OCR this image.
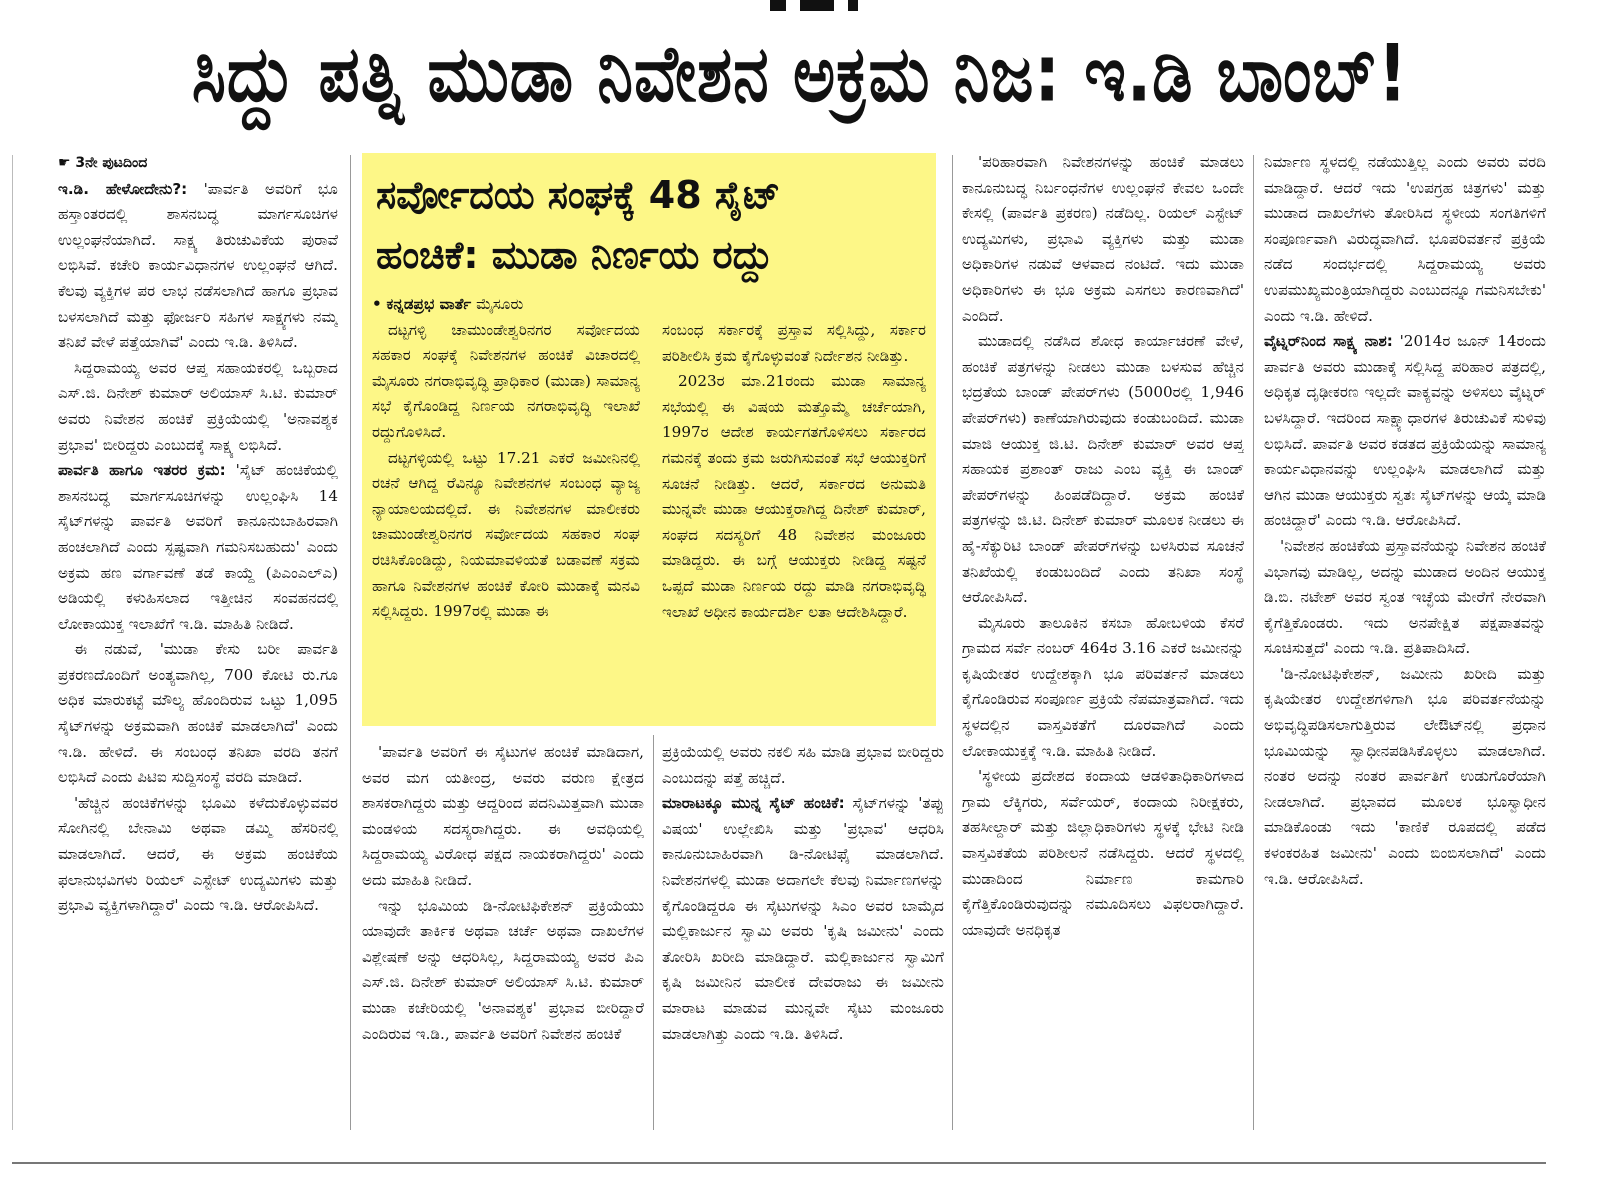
ಸಿದ್ದು ಪತ್ನಿ ಮುಡಾ ನಿವೇಶನ ಅಕ್ರಮ ನಿಜ: ಇ.ಡಿ ಬಾಂಬ್!

☛ 3ನೇ ಪುಟದಿಂದ

ಇ.ಡಿ. ಹೇಳೋದೇನು?: 'ಪಾರ್ವತಿ ಅವರಿಗೆ ಭೂ ಹಸ್ತಾಂತರದಲ್ಲಿ ಶಾಸನಬದ್ಧ ಮಾರ್ಗಸೂಚಿಗಳ ಉಲ್ಲಂಘನೆಯಾಗಿದೆ. ಸಾಕ್ಷ್ಯ ತಿರುಚುವಿಕೆಯ ಪುರಾವೆ ಲಭಿಸಿವೆ. ಕಚೇರಿ ಕಾರ್ಯವಿಧಾನಗಳ ಉಲ್ಲಂಘನೆ ಆಗಿದೆ. ಕೆಲವು ವ್ಯಕ್ತಿಗಳ ಪರ ಲಾಭ ನಡೆಸಲಾಗಿದೆ ಹಾಗೂ ಪ್ರಭಾವ ಬಳಸಲಾಗಿದೆ ಮತ್ತು ಫೋರ್ಜರಿ ಸಹಿಗಳ ಸಾಕ್ಷ್ಯಗಳು ನಮ್ಮ ತನಿಖೆ ವೇಳೆ ಪತ್ತೆಯಾಗಿವೆ' ಎಂದು ಇ.ಡಿ. ತಿಳಿಸಿದೆ.

ಸಿದ್ದರಾಮಯ್ಯ ಅವರ ಆಪ್ತ ಸಹಾಯಕರಲ್ಲಿ ಒಬ್ಬರಾದ ಎಸ್.ಜಿ. ದಿನೇಶ್ ಕುಮಾರ್ ಅಲಿಯಾಸ್ ಸಿ.ಟಿ. ಕುಮಾರ್ ಅವರು ನಿವೇಶನ ಹಂಚಿಕೆ ಪ್ರಕ್ರಿಯೆಯಲ್ಲಿ 'ಅನಾವಶ್ಯಕ ಪ್ರಭಾವ' ಬೀರಿದ್ದರು ಎಂಬುದಕ್ಕೆ ಸಾಕ್ಷ್ಯ ಲಭಿಸಿದೆ.

ಪಾರ್ವತಿ ಹಾಗೂ ಇತರರ ಕ್ರಮ: 'ಸೈಟ್ ಹಂಚಿಕೆಯಲ್ಲಿ ಶಾಸನಬದ್ಧ ಮಾರ್ಗಸೂಚಿಗಳನ್ನು ಉಲ್ಲಂಘಿಸಿ 14 ಸೈಟ್‌ಗಳನ್ನು ಪಾರ್ವತಿ ಅವರಿಗೆ ಕಾನೂನುಬಾಹಿರವಾಗಿ ಹಂಚಲಾಗಿದೆ ಎಂದು ಸ್ಪಷ್ಟವಾಗಿ ಗಮನಿಸಬಹುದು' ಎಂದು ಅಕ್ರಮ ಹಣ ವರ್ಗಾವಣೆ ತಡೆ ಕಾಯ್ದೆ (ಪಿಎಂಎಲ್ಎ) ಅಡಿಯಲ್ಲಿ ಕಳುಹಿಸಲಾದ ಇತ್ತೀಚಿನ ಸಂವಹನದಲ್ಲಿ ಲೋಕಾಯುಕ್ತ ಇಲಾಖೆಗೆ ಇ.ಡಿ. ಮಾಹಿತಿ ನೀಡಿದೆ.

ಈ ನಡುವೆ, 'ಮುಡಾ ಕೇಸು ಬರೀ ಪಾರ್ವತಿ ಪ್ರಕರಣದೊಂದಿಗೆ ಅಂತ್ಯವಾಗಿಲ್ಲ, 700 ಕೋಟಿ ರು.ಗೂ ಅಧಿಕ ಮಾರುಕಟ್ಟೆ ಮೌಲ್ಯ ಹೊಂದಿರುವ ಒಟ್ಟು 1,095 ಸೈಟ್‌ಗಳನ್ನು ಅಕ್ರಮವಾಗಿ ಹಂಚಿಕೆ ಮಾಡಲಾಗಿದೆ' ಎಂದು ಇ.ಡಿ. ಹೇಳಿದೆ. ಈ ಸಂಬಂಧ ತನಿಖಾ ವರದಿ ತನಗೆ ಲಭಿಸಿದೆ ಎಂದು ಪಿಟಿಐ ಸುದ್ದಿಸಂಸ್ಥೆ ವರದಿ ಮಾಡಿದೆ.

'ಹೆಚ್ಚಿನ ಹಂಚಿಕೆಗಳನ್ನು ಭೂಮಿ ಕಳೆದುಕೊಳ್ಳುವವರ ಸೋಗಿನಲ್ಲಿ ಬೇನಾಮಿ ಅಥವಾ ಡಮ್ಮಿ ಹೆಸರಿನಲ್ಲಿ ಮಾಡಲಾಗಿದೆ. ಆದರೆ, ಈ ಅಕ್ರಮ ಹಂಚಿಕೆಯ ಫಲಾನುಭವಿಗಳು ರಿಯಲ್ ಎಸ್ಟೇಟ್ ಉದ್ಯಮಿಗಳು ಮತ್ತು ಪ್ರಭಾವಿ ವ್ಯಕ್ತಿಗಳಾಗಿದ್ದಾರೆ' ಎಂದು ಇ.ಡಿ. ಆರೋಪಿಸಿದೆ.

ಸರ್ವೋದಯ ಸಂಘಕ್ಕೆ 48 ಸೈಟ್
ಹಂಚಿಕೆ: ಮುಡಾ ನಿರ್ಣಯ ರದ್ದು

• ಕನ್ನಡಪ್ರಭ ವಾರ್ತೆ ಮೈಸೂರು

ದಟ್ಟಗಳ್ಳಿ ಚಾಮುಂಡೇಶ್ವರಿನಗರ ಸರ್ವೋದಯ ಸಹಕಾರ ಸಂಘಕ್ಕೆ ನಿವೇಶನಗಳ ಹಂಚಿಕೆ ವಿಚಾರದಲ್ಲಿ ಮೈಸೂರು ನಗರಾಭಿವೃದ್ಧಿ ಪ್ರಾಧಿಕಾರ (ಮುಡಾ) ಸಾಮಾನ್ಯ ಸಭೆ ಕೈಗೊಂಡಿದ್ದ ನಿರ್ಣಯ ನಗರಾಭಿವೃದ್ಧಿ ಇಲಾಖೆ ರದ್ದುಗೊಳಿಸಿದೆ.

ದಟ್ಟಗಳ್ಳಿಯಲ್ಲಿ ಒಟ್ಟು 17.21 ಎಕರೆ ಜಮೀನಿನಲ್ಲಿ ರಚನೆ ಆಗಿದ್ದ ರೆವಿನ್ಯೂ ನಿವೇಶನಗಳ ಸಂಬಂಧ ವ್ಯಾಜ್ಯ ನ್ಯಾಯಾಲಯದಲ್ಲಿದೆ. ಈ ನಿವೇಶನಗಳ ಮಾಲೀಕರು ಚಾಮುಂಡೇಶ್ವರಿನಗರ ಸರ್ವೋದಯ ಸಹಕಾರ ಸಂಘ ರಚಿಸಿಕೊಂಡಿದ್ದು, ನಿಯಮಾವಳಿಯತೆ ಬಡಾವಣೆ ಸಕ್ರಮ ಹಾಗೂ ನಿವೇಶನಗಳ ಹಂಚಿಕೆ ಕೋರಿ ಮುಡಾಕ್ಕೆ ಮನವಿ ಸಲ್ಲಿಸಿದ್ದರು. 1997ರಲ್ಲಿ ಮುಡಾ ಈ

ಸಂಬಂಧ ಸರ್ಕಾರಕ್ಕೆ ಪ್ರಸ್ತಾವ ಸಲ್ಲಿಸಿದ್ದು, ಸರ್ಕಾರ ಪರಿಶೀಲಿಸಿ ಕ್ರಮ ಕೈಗೊಳ್ಳುವಂತೆ ನಿರ್ದೇಶನ ನೀಡಿತ್ತು.

2023ರ ಮಾ.21ರಂದು ಮುಡಾ ಸಾಮಾನ್ಯ ಸಭೆಯಲ್ಲಿ ಈ ವಿಷಯ ಮತ್ತೊಮ್ಮೆ ಚರ್ಚೆಯಾಗಿ, 1997ರ ಆದೇಶ ಕಾರ್ಯಗತಗೊಳಿಸಲು ಸರ್ಕಾರದ ಗಮನಕ್ಕೆ ತಂದು ಕ್ರಮ ಜರುಗಿಸುವಂತೆ ಸಭೆ ಆಯುಕ್ತರಿಗೆ ಸೂಚನೆ ನೀಡಿತ್ತು. ಆದರೆ, ಸರ್ಕಾರದ ಅನುಮತಿ ಮುನ್ನವೇ ಮುಡಾ ಆಯುಕ್ತರಾಗಿದ್ದ ದಿನೇಶ್ ಕುಮಾರ್, ಸಂಘದ ಸದಸ್ಯರಿಗೆ 48 ನಿವೇಶನ ಮಂಜೂರು ಮಾಡಿದ್ದರು. ಈ ಬಗ್ಗೆ ಆಯುಕ್ತರು ನೀಡಿದ್ದ ಸಷ್ಟನೆ ಒಪ್ಪದೆ ಮುಡಾ ನಿರ್ಣಯ ರದ್ದು ಮಾಡಿ ನಗರಾಭಿವೃದ್ಧಿ ಇಲಾಖೆ ಅಧೀನ ಕಾರ್ಯದರ್ಶಿ ಲತಾ ಆದೇಶಿಸಿದ್ದಾರೆ.

'ಪಾರ್ವತಿ ಅವರಿಗೆ ಈ ಸೈಟುಗಳ ಹಂಚಿಕೆ ಮಾಡಿದಾಗ, ಅವರ ಮಗ ಯತೀಂದ್ರ, ಅವರು ವರುಣ ಕ್ಷೇತ್ರದ ಶಾಸಕರಾಗಿದ್ದರು ಮತ್ತು ಆದ್ದರಿಂದ ಪದನಿಮಿತ್ತವಾಗಿ ಮುಡಾ ಮಂಡಳಿಯ ಸದಸ್ಯರಾಗಿದ್ದರು. ಈ ಅವಧಿಯಲ್ಲಿ ಸಿದ್ದರಾಮಯ್ಯ ವಿರೋಧ ಪಕ್ಷದ ನಾಯಕರಾಗಿದ್ದರು' ಎಂದು ಅದು ಮಾಹಿತಿ ನೀಡಿದೆ.

ಇನ್ನು ಭೂಮಿಯ ಡಿ-ನೋಟಿಫಿಕೇಶನ್ ಪ್ರಕ್ರಿಯೆಯು ಯಾವುದೇ ತಾರ್ಕಿಕ ಅಥವಾ ಚರ್ಚೆ ಅಥವಾ ದಾಖಲೆಗಳ ವಿಶ್ಲೇಷಣೆ ಅನ್ನು ಆಧರಿಸಿಲ್ಲ, ಸಿದ್ದರಾಮಯ್ಯ ಅವರ ಪಿಎ ಎಸ್.ಜಿ. ದಿನೇಶ್ ಕುಮಾರ್ ಅಲಿಯಾಸ್ ಸಿ.ಟಿ. ಕುಮಾರ್ ಮುಡಾ ಕಚೇರಿಯಲ್ಲಿ 'ಅನಾವಶ್ಯಕ' ಪ್ರಭಾವ ಬೀರಿದ್ದಾರೆ ಎಂದಿರುವ ಇ.ಡಿ., ಪಾರ್ವತಿ ಅವರಿಗೆ ನಿವೇಶನ ಹಂಚಿಕೆ

ಪ್ರಕ್ರಿಯೆಯಲ್ಲಿ ಅವರು ನಕಲಿ ಸಹಿ ಮಾಡಿ ಪ್ರಭಾವ ಬೀರಿದ್ದರು ಎಂಬುದನ್ನು ಪತ್ತೆ ಹಚ್ಚಿದೆ.

ಮಾರಾಟಕ್ಕೂ ಮುನ್ನ ಸೈಟ್ ಹಂಚಿಕೆ: ಸೈಟ್‌ಗಳನ್ನು 'ತಪ್ಪು ವಿಷಯ' ಉಲ್ಲೇಖಿಸಿ ಮತ್ತು 'ಪ್ರಭಾವ' ಆಧರಿಸಿ ಕಾನೂನುಬಾಹಿರವಾಗಿ ಡಿ-ನೋಟಿಫೈ ಮಾಡಲಾಗಿದೆ. ನಿವೇಶನಗಳಲ್ಲಿ ಮುಡಾ ಅದಾಗಲೇ ಕೆಲವು ನಿರ್ಮಾಣಗಳನ್ನು ಕೈಗೊಂಡಿದ್ದರೂ ಈ ಸೈಟುಗಳನ್ನು ಸಿಎಂ ಅವರ ಬಾಮೈದ ಮಲ್ಲಿಕಾರ್ಜುನ ಸ್ವಾಮಿ ಅವರು 'ಕೃಷಿ ಜಮೀನು' ಎಂದು ತೋರಿಸಿ ಖರೀದಿ ಮಾಡಿದ್ದಾರೆ. ಮಲ್ಲಿಕಾರ್ಜುನ ಸ್ವಾಮಿಗೆ ಕೃಷಿ ಜಮೀನಿನ ಮಾಲೀಕ ದೇವರಾಜು ಈ ಜಮೀನು ಮಾರಾಟ ಮಾಡುವ ಮುನ್ನವೇ ಸೈಟು ಮಂಜೂರು ಮಾಡಲಾಗಿತ್ತು ಎಂದು ಇ.ಡಿ. ತಿಳಿಸಿದೆ.

'ಪರಿಹಾರವಾಗಿ ನಿವೇಶನಗಳನ್ನು ಹಂಚಿಕೆ ಮಾಡಲು ಕಾನೂನುಬದ್ಧ ನಿರ್ಬಂಧನೆಗಳ ಉಲ್ಲಂಘನೆ ಕೇವಲ ಒಂದೇ ಕೇಸಲ್ಲಿ (ಪಾರ್ವತಿ ಪ್ರಕರಣ) ನಡೆದಿಲ್ಲ. ರಿಯಲ್ ಎಸ್ಟೇಟ್ ಉದ್ಯಮಿಗಳು, ಪ್ರಭಾವಿ ವ್ಯಕ್ತಿಗಳು ಮತ್ತು ಮುಡಾ ಅಧಿಕಾರಿಗಳ ನಡುವೆ ಆಳವಾದ ನಂಟಿದೆ. ಇದು ಮುಡಾ ಅಧಿಕಾರಿಗಳು ಈ ಭೂ ಅಕ್ರಮ ಎಸಗಲು ಕಾರಣವಾಗಿದೆ' ಎಂದಿದೆ.

ಮುಡಾದಲ್ಲಿ ನಡೆಸಿದ ಶೋಧ ಕಾರ್ಯಾಚರಣೆ ವೇಳೆ, ಹಂಚಿಕೆ ಪತ್ರಗಳನ್ನು ನೀಡಲು ಮುಡಾ ಬಳಸುವ ಹೆಚ್ಚಿನ ಭದ್ರತೆಯ ಬಾಂಡ್ ಪೇಪರ್‌ಗಳು (5000ರಲ್ಲಿ 1,946 ಪೇಪರ್‌ಗಳು) ಕಾಣೆಯಾಗಿರುವುದು ಕಂಡುಬಂದಿದೆ. ಮುಡಾ ಮಾಜಿ ಆಯುಕ್ತ ಜಿ.ಟಿ. ದಿನೇಶ್ ಕುಮಾರ್ ಅವರ ಆಪ್ತ ಸಹಾಯಕ ಪ್ರಶಾಂತ್ ರಾಜು ಎಂಬ ವ್ಯಕ್ತಿ ಈ ಬಾಂಡ್ ಪೇಪರ್‌ಗಳನ್ನು ಹಿಂಪಡೆದಿದ್ದಾರೆ. ಅಕ್ರಮ ಹಂಚಿಕೆ ಪತ್ರಗಳನ್ನು ಜಿ.ಟಿ. ದಿನೇಶ್ ಕುಮಾರ್ ಮೂಲಕ ನೀಡಲು ಈ ಹೈ-ಸೆಕ್ಯುರಿಟಿ ಬಾಂಡ್ ಪೇಪರ್‌ಗಳನ್ನು ಬಳಸಿರುವ ಸೂಚನೆ ತನಿಖೆಯಲ್ಲಿ ಕಂಡುಬಂದಿದೆ ಎಂದು ತನಿಖಾ ಸಂಸ್ಥೆ ಆರೋಪಿಸಿದೆ.

ಮೈಸೂರು ತಾಲೂಕಿನ ಕಸಬಾ ಹೋಬಳಿಯ ಕೆಸರೆ ಗ್ರಾಮದ ಸರ್ವೆ ನಂಬರ್ 464ರ 3.16 ಎಕರೆ ಜಮೀನನ್ನು ಕೃಷಿಯೇತರ ಉದ್ದೇಶಕ್ಕಾಗಿ ಭೂ ಪರಿವರ್ತನೆ ಮಾಡಲು ಕೈಗೊಂಡಿರುವ ಸಂಪೂರ್ಣ ಪ್ರಕ್ರಿಯೆ ನೆಪಮಾತ್ರವಾಗಿದೆ. ಇದು ಸ್ಥಳದಲ್ಲಿನ ವಾಸ್ತವಿಕತೆಗೆ ದೂರವಾಗಿದೆ ಎಂದು ಲೋಕಾಯುಕ್ತಕ್ಕೆ ಇ.ಡಿ. ಮಾಹಿತಿ ನೀಡಿದೆ.

'ಸ್ಥಳೀಯ ಪ್ರದೇಶದ ಕಂದಾಯ ಆಡಳಿತಾಧಿಕಾರಿಗಳಾದ ಗ್ರಾಮ ಲೆಕ್ಕಿಗರು, ಸರ್ವೆಯರ್, ಕಂದಾಯ ನಿರೀಕ್ಷಕರು, ತಹಸೀಲ್ದಾರ್ ಮತ್ತು ಜಿಲ್ಲಾಧಿಕಾರಿಗಳು ಸ್ಥಳಕ್ಕೆ ಭೇಟಿ ನೀಡಿ ವಾಸ್ತವಿಕತೆಯ ಪರಿಶೀಲನೆ ನಡೆಸಿದ್ದರು. ಆದರೆ ಸ್ಥಳದಲ್ಲಿ ಮುಡಾದಿಂದ ನಿರ್ಮಾಣ ಕಾಮಗಾರಿ ಕೈಗೆತ್ತಿಕೊಂಡಿರುವುದನ್ನು ನಮೂದಿಸಲು ವಿಫಲರಾಗಿದ್ದಾರೆ. ಯಾವುದೇ ಅನಧಿಕೃತ

ನಿರ್ಮಾಣ ಸ್ಥಳದಲ್ಲಿ ನಡೆಯುತ್ತಿಲ್ಲ ಎಂದು ಅವರು ವರದಿ ಮಾಡಿದ್ದಾರೆ. ಆದರೆ ಇದು 'ಉಪಗ್ರಹ ಚಿತ್ರಗಳು' ಮತ್ತು ಮುಡಾದ ದಾಖಲೆಗಳು ತೋರಿಸಿದ ಸ್ಥಳೀಯ ಸಂಗತಿಗಳಿಗೆ ಸಂಪೂರ್ಣವಾಗಿ ವಿರುದ್ಧವಾಗಿದೆ. ಭೂಪರಿವರ್ತನೆ ಪ್ರಕ್ರಿಯೆ ನಡೆದ ಸಂದರ್ಭದಲ್ಲಿ ಸಿದ್ದರಾಮಯ್ಯ ಅವರು ಉಪಮುಖ್ಯಮಂತ್ರಿಯಾಗಿದ್ದರು ಎಂಬುದನ್ನೂ ಗಮನಿಸಬೇಕು' ಎಂದು ಇ.ಡಿ. ಹೇಳಿದೆ.

ವೈಟ್ನರ್‌ನಿಂದ ಸಾಕ್ಷ್ಯ ನಾಶ: '2014ರ ಜೂನ್ 14ರಂದು ಪಾರ್ವತಿ ಅವರು ಮುಡಾಕ್ಕೆ ಸಲ್ಲಿಸಿದ್ದ ಪರಿಹಾರ ಪತ್ರದಲ್ಲಿ, ಅಧಿಕೃತ ದೃಢೀಕರಣ ಇಲ್ಲದೇ ವಾಕ್ಯವನ್ನು ಅಳಿಸಲು ವೈಟ್ನರ್ ಬಳಸಿದ್ದಾರೆ. ಇದರಿಂದ ಸಾಕ್ಷ್ಯಾಧಾರಗಳ ತಿರುಚುವಿಕೆ ಸುಳಿವು ಲಭಿಸಿದೆ. ಪಾರ್ವತಿ ಅವರ ಕಡತದ ಪ್ರಕ್ರಿಯೆಯನ್ನು ಸಾಮಾನ್ಯ ಕಾರ್ಯವಿಧಾನವನ್ನು ಉಲ್ಲಂಘಿಸಿ ಮಾಡಲಾಗಿದೆ ಮತ್ತು ಆಗಿನ ಮುಡಾ ಆಯುಕ್ತರು ಸ್ವತಃ ಸೈಟ್‌ಗಳನ್ನು ಆಯ್ಕೆ ಮಾಡಿ ಹಂಚಿದ್ದಾರೆ' ಎಂದು ಇ.ಡಿ. ಆರೋಪಿಸಿದೆ.

'ನಿವೇಶನ ಹಂಚಿಕೆಯ ಪ್ರಸ್ತಾವನೆಯನ್ನು ನಿವೇಶನ ಹಂಚಿಕೆ ವಿಭಾಗವು ಮಾಡಿಲ್ಲ, ಅದನ್ನು ಮುಡಾದ ಅಂದಿನ ಆಯುಕ್ತ ಡಿ.ಬಿ. ನಟೇಶ್ ಅವರ ಸ್ವಂತ ಇಚ್ಛೆಯ ಮೇರೆಗೆ ನೇರವಾಗಿ ಕೈಗೆತ್ತಿಕೊಂಡರು. ಇದು ಅನಪೇಕ್ಷಿತ ಪಕ್ಷಪಾತವನ್ನು ಸೂಚಿಸುತ್ತದೆ' ಎಂದು ಇ.ಡಿ. ಪ್ರತಿಪಾದಿಸಿದೆ.

'ಡಿ-ನೋಟಿಫಿಕೇಶನ್, ಜಮೀನು ಖರೀದಿ ಮತ್ತು ಕೃಷಿಯೇತರ ಉದ್ದೇಶಗಳಿಗಾಗಿ ಭೂ ಪರಿವರ್ತನೆಯನ್ನು ಅಭಿವೃದ್ಧಿಪಡಿಸಲಾಗುತ್ತಿರುವ ಲೇಔಟ್‌ನಲ್ಲಿ ಪ್ರಧಾನ ಭೂಮಿಯನ್ನು ಸ್ವಾಧೀನಪಡಿಸಿಕೊಳ್ಳಲು ಮಾಡಲಾಗಿದೆ. ನಂತರ ಅದನ್ನು ನಂತರ ಪಾರ್ವತಿಗೆ ಉಡುಗೊರೆಯಾಗಿ ನೀಡಲಾಗಿದೆ. ಪ್ರಭಾವದ ಮೂಲಕ ಭೂಸ್ವಾಧೀನ ಮಾಡಿಕೊಂಡು ಇದು 'ಕಾಣಿಕೆ ರೂಪದಲ್ಲಿ ಪಡೆದ ಕಳಂಕರಹಿತ ಜಮೀನು' ಎಂದು ಬಿಂಬಿಸಲಾಗಿದೆ' ಎಂದು ಇ.ಡಿ. ಆರೋಪಿಸಿದೆ.
